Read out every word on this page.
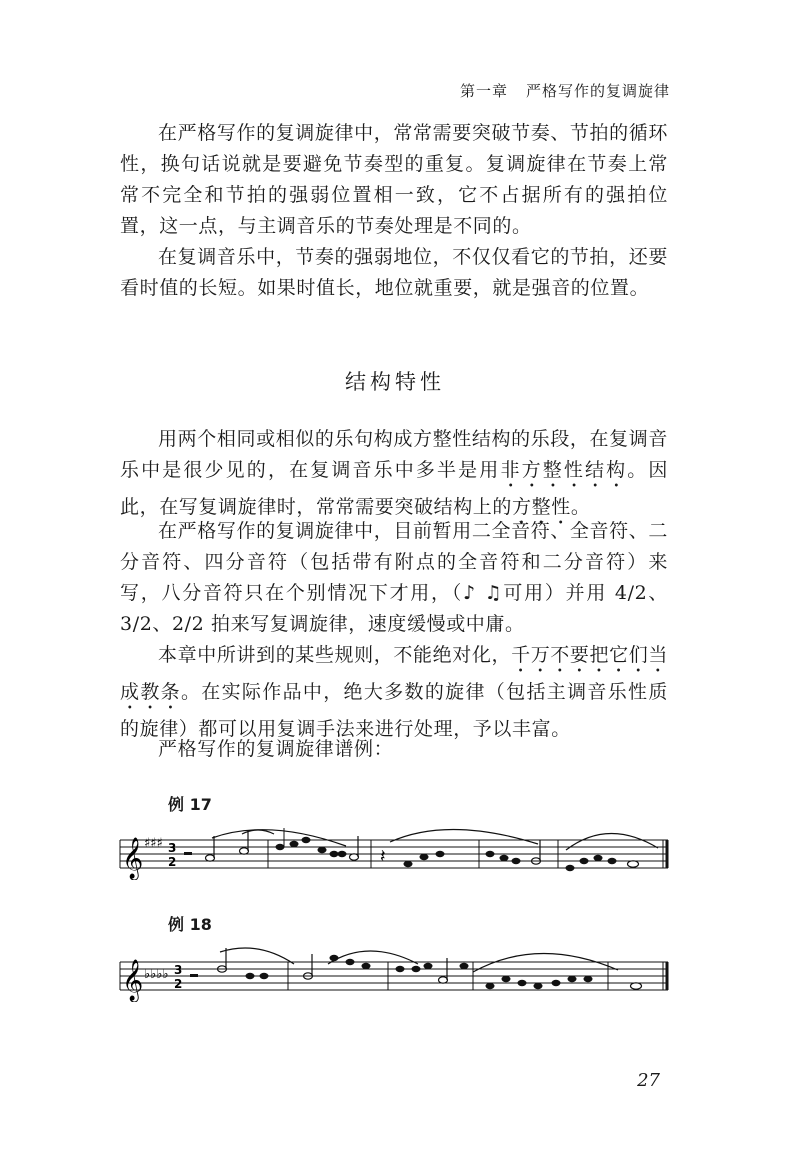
第一章 严格写作的复调旋律

在严格写作的复调旋律中，常常需要突破节奏、节拍的循环性，换句话说就是要避免节奏型的重复。复调旋律在节奏上常常不完全和节拍的强弱位置相一致，它不占据所有的强拍位置，这一点，与主调音乐的节奏处理是不同的。

在复调音乐中，节奏的强弱地位，不仅仅看它的节拍，还要看时值的长短。如果时值长，地位就重要，就是强音的位置。

结构特性

用两个相同或相似的乐句构成方整性结构的乐段，在复调音乐中是很少见的，在复调音乐中多半是用非方整性结构。因此，在写复调旋律时，常常需要突破结构上的方整性。

在严格写作的复调旋律中，目前暂用二全音符、全音符、二分音符、四分音符（包括带有附点的全音符和二分音符）来写，八分音符只在个别情况下才用，（♪ ♫可用）并用 4/2、3/2、2/2 拍来写复调旋律，速度缓慢或中庸。

本章中所讲到的某些规则，不能绝对化，千万不要把它们当成教条。在实际作品中，绝大多数的旋律（包括主调音乐性质的旋律）都可以用复调手法来进行处理，予以丰富。

严格写作的复调旋律谱例：

例 17
𝄞 ♯♯♯ 3
2	𝄽
例 18
𝄞 ♭♭♭♭ 3
2
27
